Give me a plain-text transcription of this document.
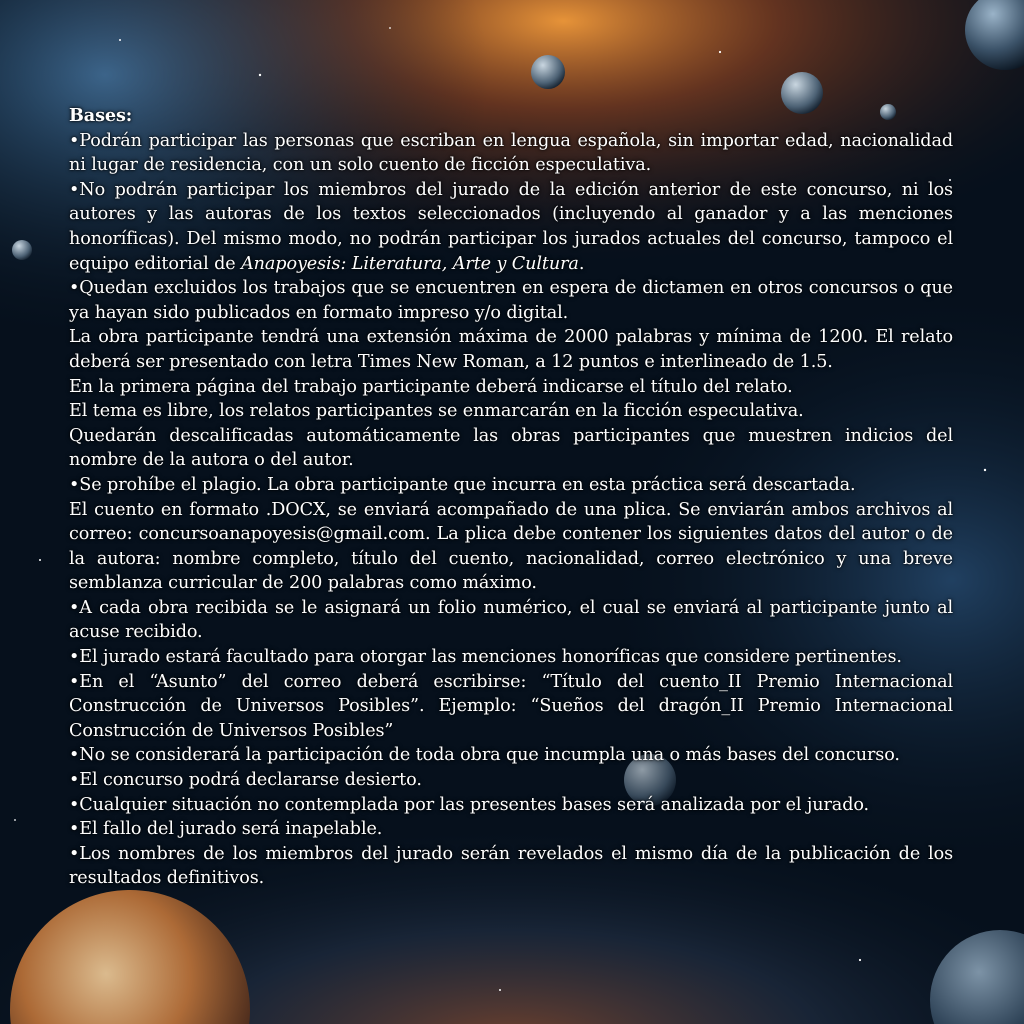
Bases:

•Podrán participar las personas que escriban en lengua española, sin importar edad, nacionalidad ni lugar de residencia, con un solo cuento de ficción especulativa.

•No podrán participar los miembros del jurado de la edición anterior de este concurso, ni los autores y las autoras de los textos seleccionados (incluyendo al ganador y a las menciones honoríficas). Del mismo modo, no podrán participar los jurados actuales del concurso, tampoco el equipo editorial de Anapoyesis: Literatura, Arte y Cultura.

•Quedan excluidos los trabajos que se encuentren en espera de dictamen en otros concursos o que ya hayan sido publicados en formato impreso y/o digital.

La obra participante tendrá una extensión máxima de 2000 palabras y mínima de 1200. El relato deberá ser presentado con letra Times New Roman, a 12 puntos e interlineado de 1.5.

En la primera página del trabajo participante deberá indicarse el título del relato.

El tema es libre, los relatos participantes se enmarcarán en la ficción especulativa.

Quedarán descalificadas automáticamente las obras participantes que muestren indicios del nombre de la autora o del autor.

•Se prohíbe el plagio. La obra participante que incurra en esta práctica será descartada.

El cuento en formato .DOCX, se enviará acompañado de una plica. Se enviarán ambos archivos al correo: concursoanapoyesis@gmail.com. La plica debe contener los siguientes datos del autor o de la autora: nombre completo, título del cuento, nacionalidad, correo electrónico y una breve semblanza curricular de 200 palabras como máximo.

•A cada obra recibida se le asignará un folio numérico, el cual se enviará al participante junto al acuse recibido.

•El jurado estará facultado para otorgar las menciones honoríficas que considere pertinentes.

•En el “Asunto” del correo deberá escribirse: “Título del cuento_II Premio Internacional Construcción de Universos Posibles”. Ejemplo: “Sueños del dragón_II Premio Internacional Construcción de Universos Posibles”

•No se considerará la participación de toda obra que incumpla una o más bases del concurso.

•El concurso podrá declararse desierto.

•Cualquier situación no contemplada por las presentes bases será analizada por el jurado.

•El fallo del jurado será inapelable.

•Los nombres de los miembros del jurado serán revelados el mismo día de la publicación de los resultados definitivos.
